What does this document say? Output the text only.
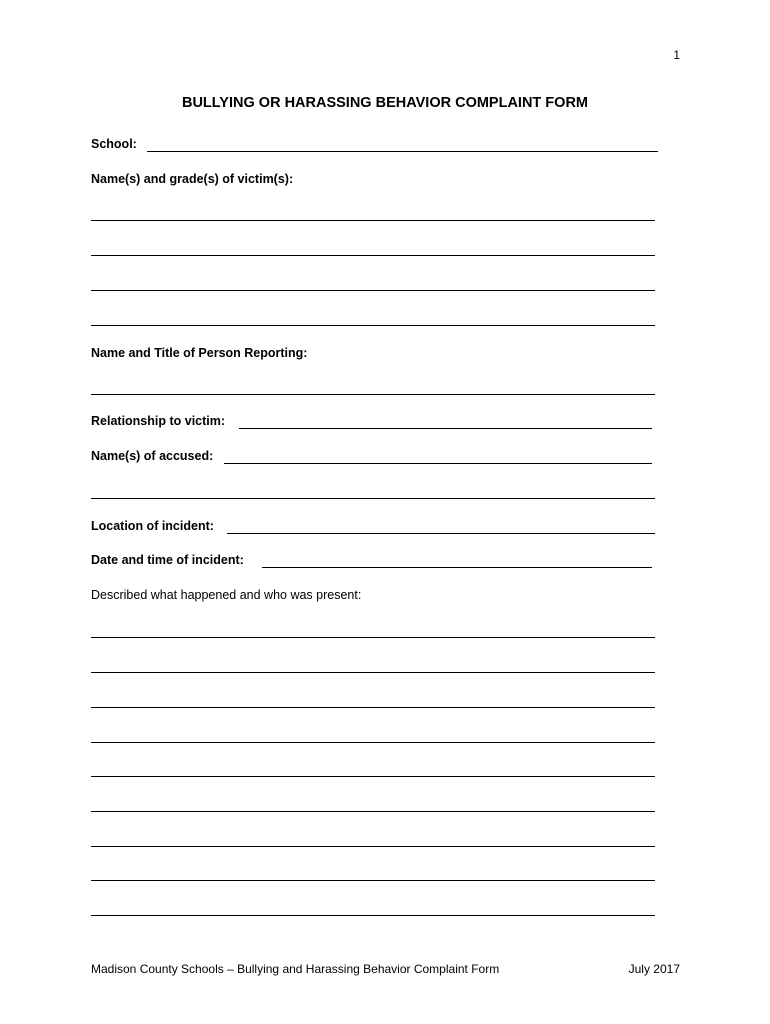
1
BULLYING OR HARASSING BEHAVIOR COMPLAINT FORM
School:
Name(s) and grade(s) of victim(s):
Name and Title of Person Reporting:
Relationship to victim:
Name(s) of accused:
Location of incident:
Date and time of incident:
Described what happened and who was present:
Madison County Schools – Bullying and Harassing Behavior Complaint Form	July 2017
